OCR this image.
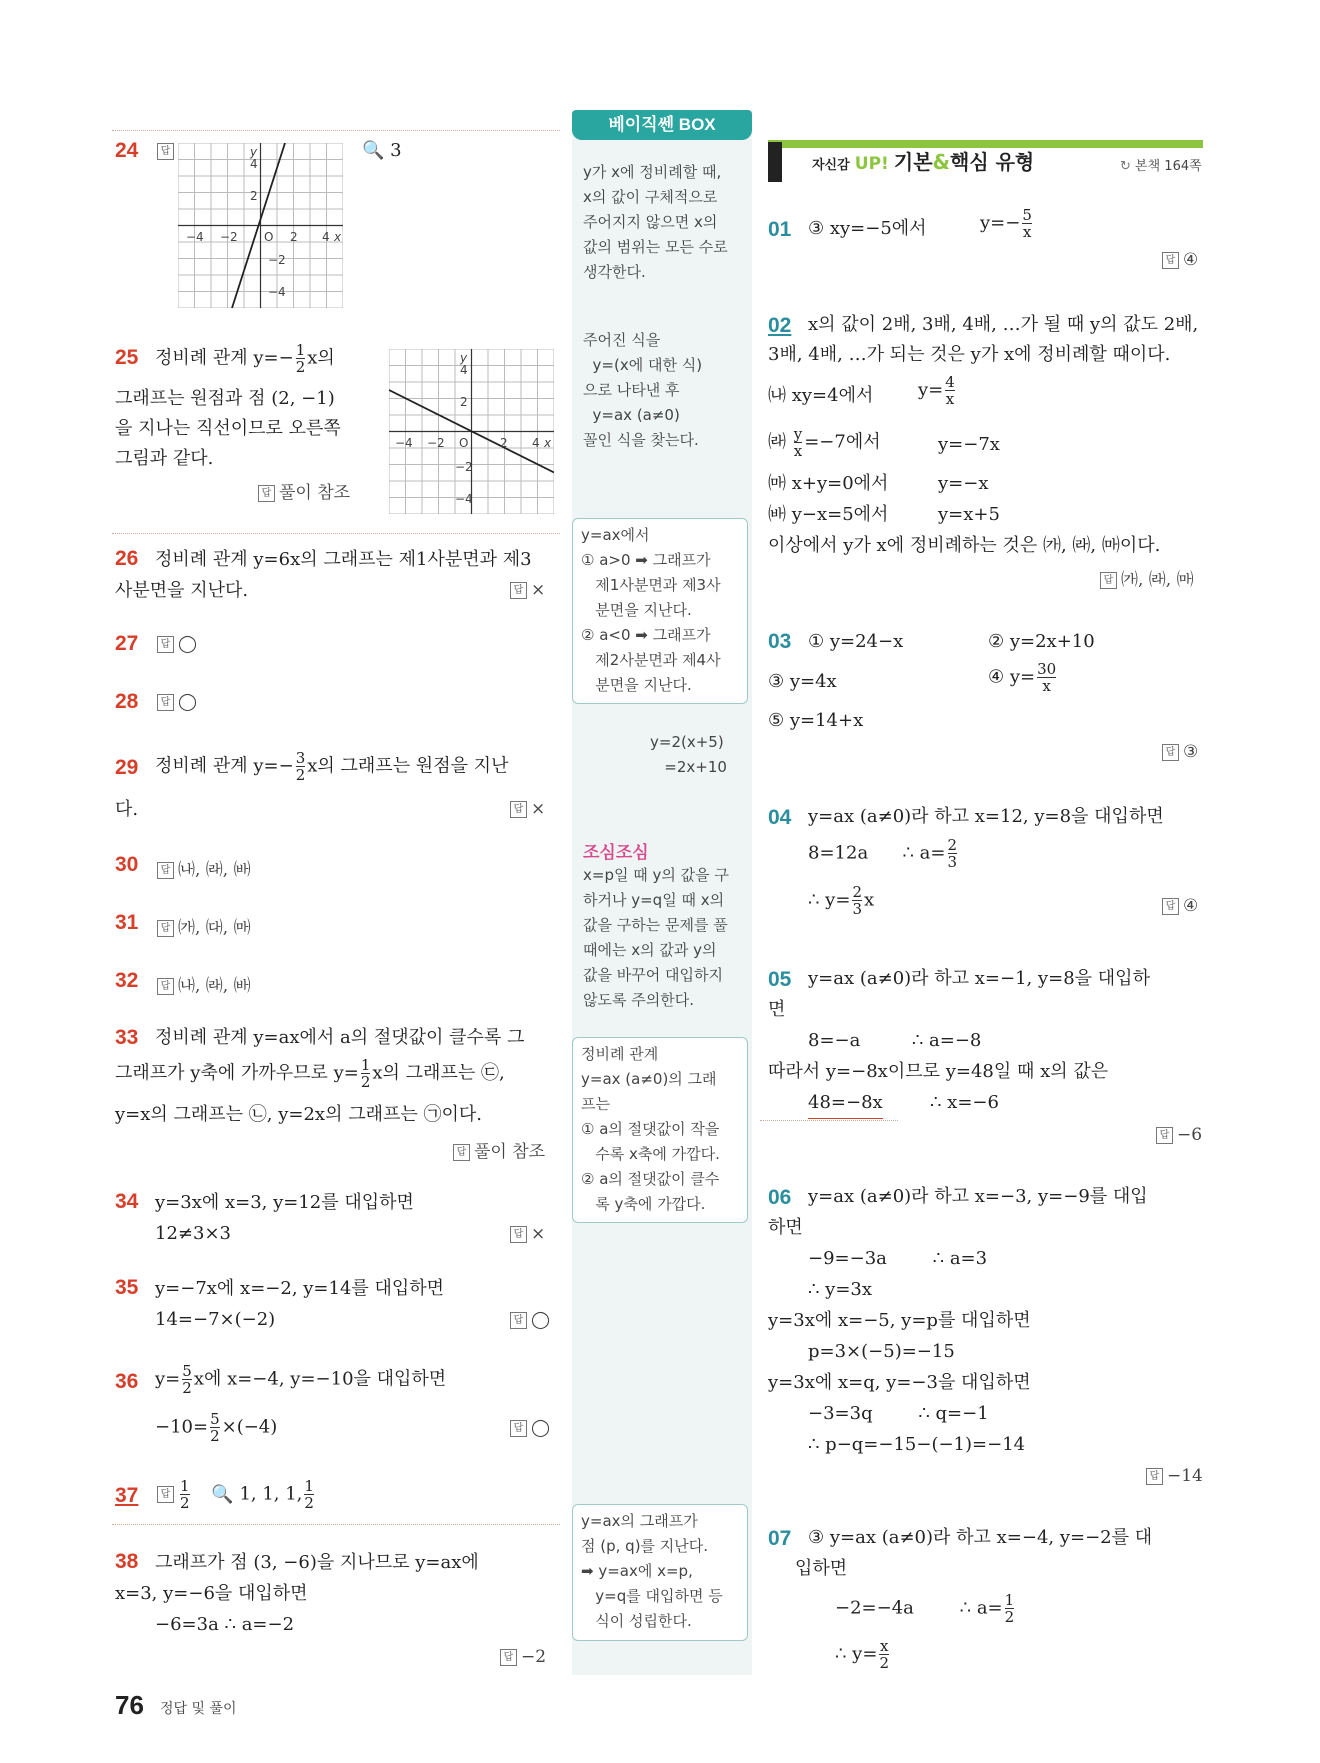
베이직쎈 BOX
24	답
−4 −2 O 2 4 x
y
4
2
−2
−4
🔍 3
25 정비례 관계 $y=- \frac{1}{2}$ x의
그래프는 원점과 점 (2, −1)
을 지나는 직선이므로 오른쪽
그림과 같다.
답 풀이 참조
−4 −2 O	2 4 x
y
4
2
−2
−4
26 정비례 관계 y=6x의 그래프는 제1사분면과 제3
사분면을 지난다.	답 ×
27	답 ◯
28	답 ◯
29 정비례 관계 $y=- \frac{3}{2}$ x의 그래프는 원점을 지난
다.	답 ×
30	답 ㈏, ㈑, ㈓
31	답 ㈎, ㈐, ㈒
32	답 ㈏, ㈑, ㈓
33 정비례 관계 y=ax에서 a의 절댓값이 클수록 그
그래프가 y축에 가까우므로 $y= \frac{1}{2}$ x의 그래프는 ㉢,
y=x의 그래프는 ㉡, y=2x의 그래프는 ㉠이다.
답 풀이 참조
34 y=3x에 x=3, y=12를 대입하면
12≠3×3	답 ×
35 y=−7x에 x=−2, y=14를 대입하면
14=−7×(−2)	답 ◯
36 $y= \frac{5}{2}$ x에 x=−4, y=−10을 대입하면
$-10= \frac{5}{2} \times(-4)$	답 ◯
37	답 $\frac{1}{2}$ 🔍 1, 1, 1, $\frac{1}{2}$
38 그래프가 점 (3, −6)을 지나므로 y=ax에
x=3, y=−6을 대입하면
−6=3a ∴ a=−2
답 −2
76 정답 및 풀이
y가 x에 정비례할 때,
x의 값이 구체적으로
주어지지 않으면 x의
값의 범위는 모든 수로
생각한다.
주어진 식을
y=(x에 대한 식)
으로 나타낸 후
y=ax (a≠0)
꼴인 식을 찾는다.
y=ax에서
① a>0 ➡ 그래프가
제1사분면과 제3사
분면을 지난다.
② a<0 ➡ 그래프가
제2사분면과 제4사
분면을 지난다.
y=2(x+5)
=2x+10
조심조심
x=p일 때 y의 값을 구
하거나 y=q일 때 x의
값을 구하는 문제를 풀
때에는 x의 값과 y의
값을 바꾸어 대입하지
않도록 주의한다.
정비례 관계
y=ax (a≠0)의 그래
프는
① a의 절댓값이 작을
수록 x축에 가깝다.
② a의 절댓값이 클수
록 y축에 가깝다.
y=ax의 그래프가
점 (p, q)를 지난다.
➡ y=ax에 x=p,
y=q를 대입하면 등
식이 성립한다.
자신감 UP! 기본&핵심 유형	↻ 본책 164쪽
01 ③ xy=−5에서	$y=- \frac{5}{x}$
답 ④
02 x의 값이 2배, 3배, 4배, …가 될 때 y의 값도 2배,
3배, 4배, …가 되는 것은 y가 x에 정비례할 때이다.
㈏ xy=4에서 $y= \frac{4}{x}$
㈑ $\frac{y}{x} =-7$에서	y=−7x
㈒ x+y=0에서	y=−x
㈓ y−x=5에서	y=x+5
이상에서 y가 x에 정비례하는 것은 ㈎, ㈑, ㈒이다.
답 ㈎, ㈑, ㈒
03 ① y=24−x	② y=2x+10
③ y=4x	④ $y= \frac{30}{x}$
⑤ y=14+x
답 ③
04 y=ax (a≠0)라 하고 x=12, y=8을 대입하면
8=12a      ∴ $a= \frac{2}{3}$
∴ $y= \frac{2}{3}$ x	답 ④
05 y=ax (a≠0)라 하고 x=−1, y=8을 대입하
면
8=−a         ∴ a=−8
따라서 y=−8x이므로 y=48일 때 x의 값은
48=−8x	∴ x=−6
답 −6
06 y=ax (a≠0)라 하고 x=−3, y=−9를 대입
하면
−9=−3a        ∴ a=3
∴ y=3x
y=3x에 x=−5, y=p를 대입하면
p=3×(−5)=−15
y=3x에 x=q, y=−3을 대입하면
−3=3q        ∴ q=−1
∴ p−q=−15−(−1)=−14
답 −14
07 ③ y=ax (a≠0)라 하고 x=−4, y=−2를 대
입하면
−2=−4a        ∴ $a= \frac{1}{2}$
∴ $y= \frac{x}{2}$
